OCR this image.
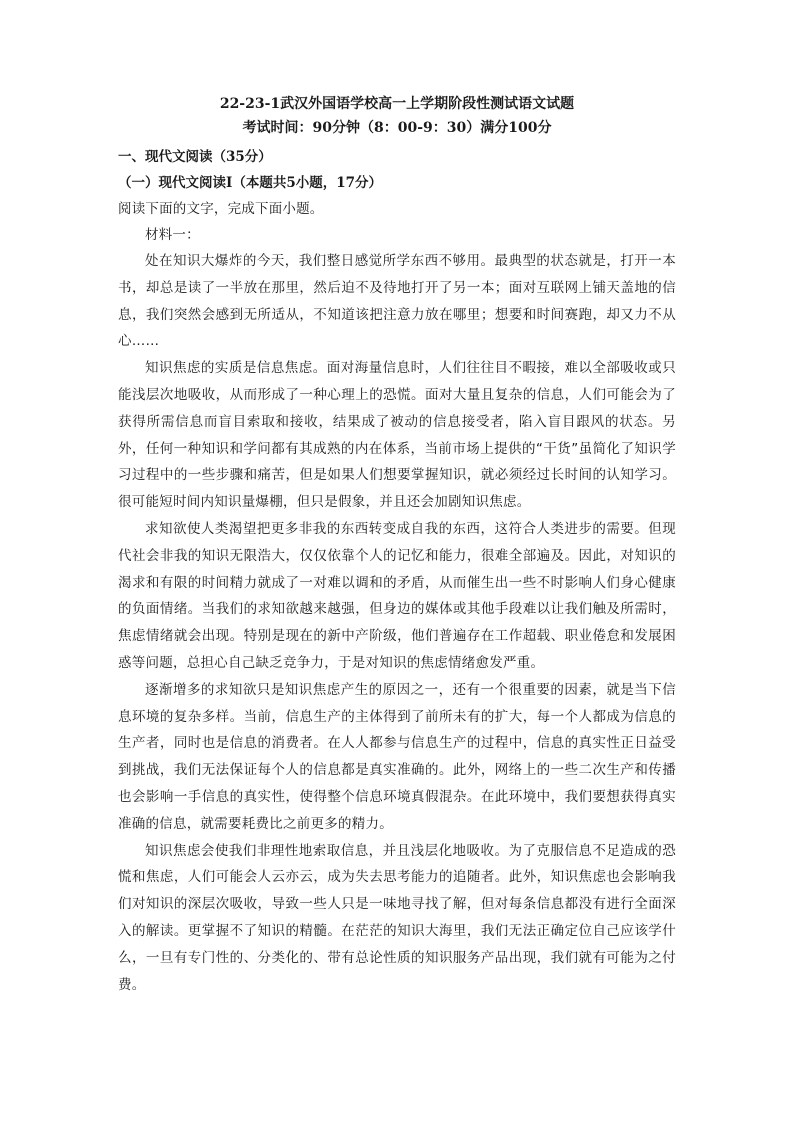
22-23-1武汉外国语学校高一上学期阶段性测试语文试题

考试时间：90分钟（8：00-9：30）满分100分

一、现代文阅读（35分）

（一）现代文阅读Ⅰ（本题共5小题，17分）

阅读下面的文字，完成下面小题。

材料一：

处在知识大爆炸的今天，我们整日感觉所学东西不够用。最典型的状态就是，打开一本书，却总是读了一半放在那里，然后迫不及待地打开了另一本；面对互联网上铺天盖地的信息，我们突然会感到无所适从，不知道该把注意力放在哪里；想要和时间赛跑，却又力不从心……

知识焦虑的实质是信息焦虑。面对海量信息时，人们往往目不暇接，难以全部吸收或只能浅层次地吸收，从而形成了一种心理上的恐慌。面对大量且复杂的信息，人们可能会为了获得所需信息而盲目索取和接收，结果成了被动的信息接受者，陷入盲目跟风的状态。另外，任何一种知识和学问都有其成熟的内在体系，当前市场上提供的“干货”虽简化了知识学习过程中的一些步骤和痛苦，但是如果人们想要掌握知识，就必须经过长时间的认知学习。很可能短时间内知识量爆棚，但只是假象，并且还会加剧知识焦虑。

求知欲使人类渴望把更多非我的东西转变成自我的东西，这符合人类进步的需要。但现代社会非我的知识无限浩大，仅仅依靠个人的记忆和能力，很难全部遍及。因此，对知识的渴求和有限的时间精力就成了一对难以调和的矛盾，从而催生出一些不时影响人们身心健康的负面情绪。当我们的求知欲越来越强，但身边的媒体或其他手段难以让我们触及所需时，焦虑情绪就会出现。特别是现在的新中产阶级，他们普遍存在工作超载、职业倦怠和发展困惑等问题，总担心自己缺乏竞争力，于是对知识的焦虑情绪愈发严重。

逐渐增多的求知欲只是知识焦虑产生的原因之一，还有一个很重要的因素，就是当下信息环境的复杂多样。当前，信息生产的主体得到了前所未有的扩大，每一个人都成为信息的生产者，同时也是信息的消费者。在人人都参与信息生产的过程中，信息的真实性正日益受到挑战，我们无法保证每个人的信息都是真实准确的。此外，网络上的一些二次生产和传播也会影响一手信息的真实性，使得整个信息环境真假混杂。在此环境中，我们要想获得真实准确的信息，就需要耗费比之前更多的精力。

知识焦虑会使我们非理性地索取信息，并且浅层化地吸收。为了克服信息不足造成的恐慌和焦虑，人们可能会人云亦云，成为失去思考能力的追随者。此外，知识焦虑也会影响我们对知识的深层次吸收，导致一些人只是一味地寻找了解，但对每条信息都没有进行全面深入的解读。更掌握不了知识的精髓。在茫茫的知识大海里，我们无法正确定位自己应该学什么，一旦有专门性的、分类化的、带有总论性质的知识服务产品出现，我们就有可能为之付费。
